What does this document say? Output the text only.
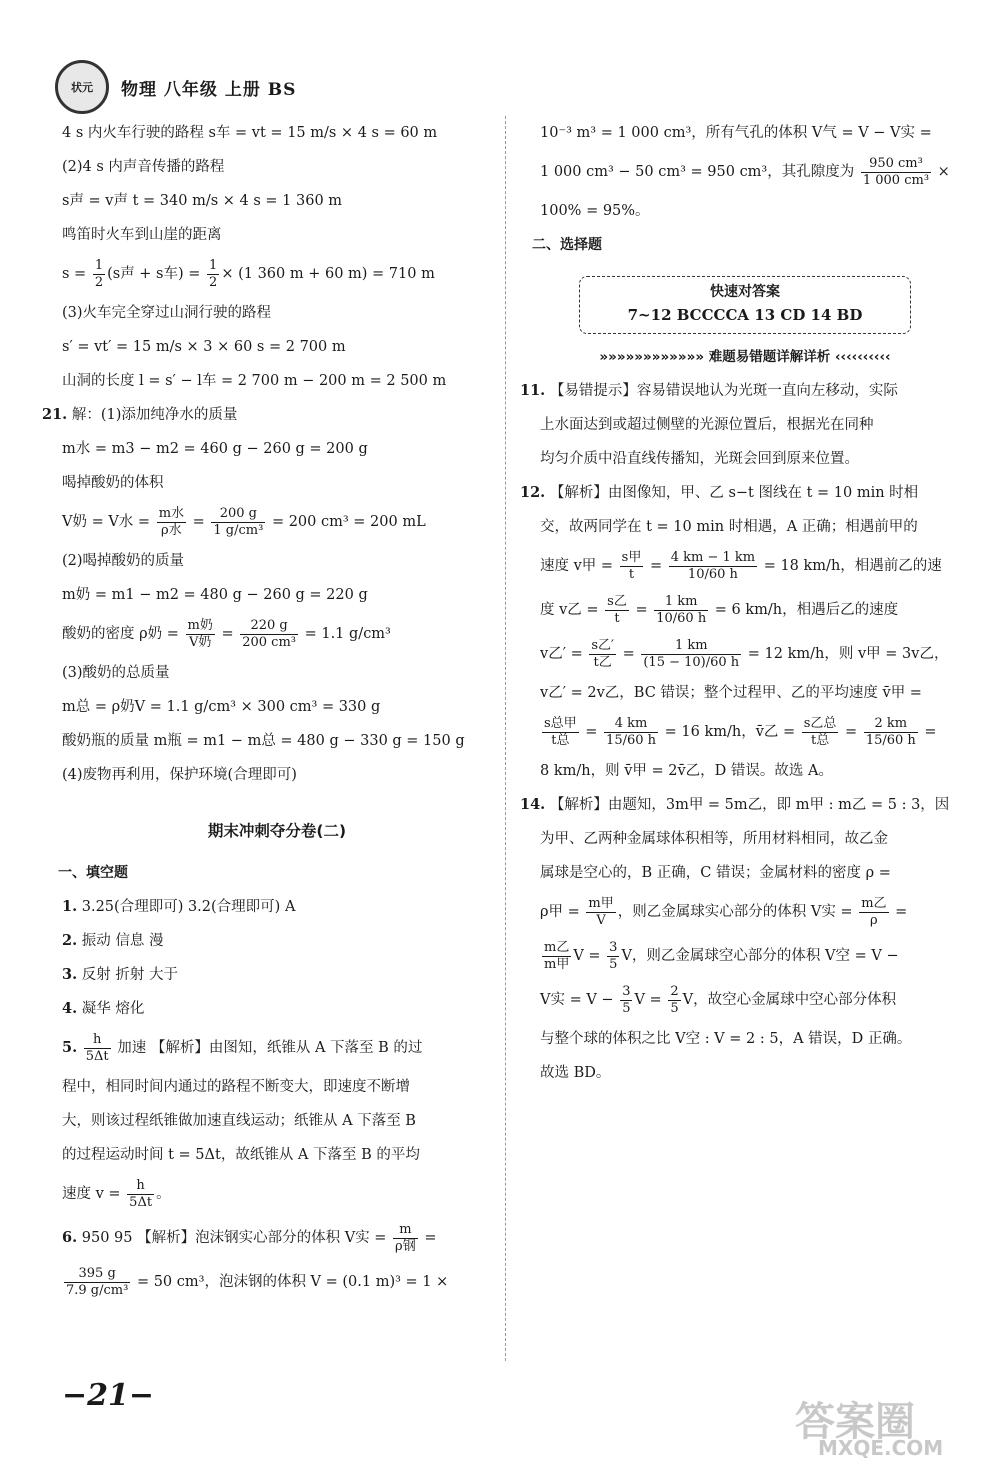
状元	物理 八年级 上册 BS
4 s 内火车行驶的路程 s车 = vt = 15 m/s × 4 s = 60 m
(2)4 s 内声音传播的路程
s声 = v声 t = 340 m/s × 4 s = 1 360 m
鸣笛时火车到山崖的距离
$s = \frac{1}{2} (s$声 + s车) = $\frac{1}{2} \times (1$ 360 m + 60 m) = 710 m
(3)火车完全穿过山洞行驶的路程
s′ = vt′ = 15 m/s × 3 × 60 s = 2 700 m
山洞的长度 l = s′ − l车 = 2 700 m − 200 m = 2 500 m
21. 解：(1)添加纯净水的质量
m水 = m3 − m2 = 460 g − 260 g = 200 g
喝掉酸奶的体积
V奶 = V水 = $\frac{\text{m水}}{\text{ρ水}} = \frac{200 g}{\text{1 g/cm³}} = 200$ cm³ = 200 mL
(2)喝掉酸奶的质量
m奶 = m1 − m2 = 480 g − 260 g = 220 g
酸奶的密度 ρ奶 = $\frac{\text{m奶}}{\text{V奶}} = \frac{220 g}{\text{200 cm³}} = 1.1$ g/cm³
(3)酸奶的总质量
m总 = ρ奶V = 1.1 g/cm³ × 300 cm³ = 330 g
酸奶瓶的质量 m瓶 = m1 − m总 = 480 g − 330 g = 150 g
(4)废物再利用，保护环境(合理即可)
期末冲刺夺分卷(二)
一、填空题
1. 3.25(合理即可) 3.2(合理即可) A
2. 振动 信息 漫
3. 反射 折射 大于
4. 凝华 熔化
5. $\frac{h}{5\Delta t}$ 加速 【解析】由图知，纸锥从 A 下落至 B 的过
程中，相同时间内通过的路程不断变大，即速度不断增
大，则该过程纸锥做加速直线运动；纸锥从 A 下落至 B
的过程运动时间 t = 5Δt，故纸锥从 A 下落至 B 的平均
速度 $v = \frac{h}{5\Delta t}$ 。
6. 950 95 【解析】泡沫钢实心部分的体积 V实 = $\frac{m}{\text{ρ钢}}$ =
$\frac{395 g}{\text{7.9 g/cm³}} = 50$ cm³，泡沫钢的体积 V = (0.1 m)³ = 1 ×
10⁻³ m³ = 1 000 cm³，所有气孔的体积 V气 = V − V实 =
1 000 cm³ − 50 cm³ = 950 cm³，其孔隙度为 $\frac{\text{950 cm³}}{\text{1 000 cm³}}$ ×
100% = 95%。
二、选择题
快速对答案
7~12 BCCCCA 13 CD 14 BD
»»»»»»»»»»»» 难题易错题详解详析 ‹‹‹‹‹‹‹‹‹‹
11. 【易错提示】容易错误地认为光斑一直向左移动，实际
上水面达到或超过侧壁的光源位置后，根据光在同种
均匀介质中沿直线传播知，光斑会回到原来位置。
12. 【解析】由图像知，甲、乙 s−t 图线在 t = 10 min 时相
交，故两同学在 t = 10 min 时相遇，A 正确；相遇前甲的
速度 v甲 = $\frac{\text{s甲}}{t} = \frac{4 km - 1 km}{10/60 h} = 18$ km/h，相遇前乙的速
度 v乙 = $\frac{\text{s乙}}{t} = \frac{1 km}{10/60 h} = 6$ km/h，相遇后乙的速度
v乙′ = $\frac{\text{s乙′}}{\text{t乙}} = \frac{1 km}{(15 - 10)/60 h} = 12$ km/h，则 v甲 = 3v乙，
v乙′ = 2v乙，BC 错误；整个过程甲、乙的平均速度 v̄甲 =
$\frac{\text{s总甲}}{\text{t总}} = \frac{4 km}{15/60 h} = 16$ km/h，v̄乙 = $\frac{\text{s乙总}}{\text{t总}} = \frac{2 km}{15/60 h}$ =
8 km/h，则 v̄甲 = 2v̄乙，D 错误。故选 A。
14. 【解析】由题知，3m甲 = 5m乙，即 m甲 : m乙 = 5 : 3，因
为甲、乙两种金属球体积相等，所用材料相同，故乙金
属球是空心的，B 正确，C 错误；金属材料的密度 ρ =
ρ甲 = $\frac{\text{m甲}}{V}$ ，则乙金属球实心部分的体积 V实 = $\frac{\text{m乙}}{\rho}$ =
$\frac{\text{m乙}}{\text{m甲}}$ $V = \frac{3}{5}$ V，则乙金属球空心部分的体积 V空 = V −
V实 = $V - \frac{3}{5}$ $V = \frac{2}{5}$ V，故空心金属球中空心部分体积
与整个球的体积之比 V空 : V = 2 : 5，A 错误，D 正确。
故选 BD。
−21−
答案圈
MXQE.COM
